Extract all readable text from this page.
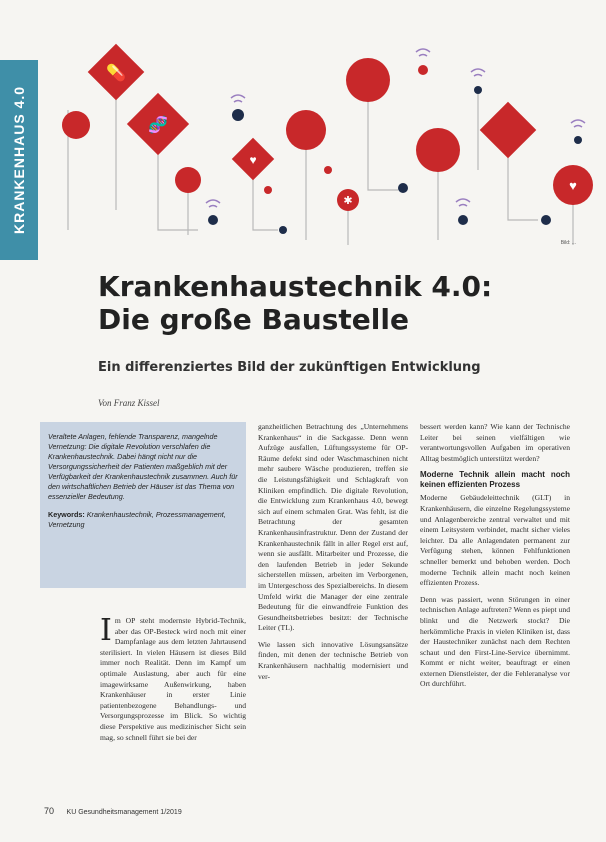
KRANKENHAUS 4.0
💊
🧬
♥
✱
♥
Bild: ...
Krankenhaustechnik 4.0:
Die große Baustelle
Ein differenziertes Bild der zukünftigen Entwicklung
Von Franz Kissel

Veraltete Anlagen, fehlende Transparenz, mangelnde Vernetzung: Die digitale Revolution verschlafen die Krankenhaustechnik. Dabei hängt nicht nur die Versorgungssicherheit der Patienten maßgeblich mit der Verfügbarkeit der Krankenhaustechnik zusammen. Auch für den wirtschaftlichen Betrieb der Häuser ist das Thema von essenzieller Bedeutung.

Keywords: Krankenhaustechnik, Prozessmanagement, Vernetzung

I m OP steht modernste Hybrid-Technik, aber das OP-Besteck wird noch mit einer Dampfanlage aus dem letzten Jahrtausend sterilisiert. In vielen Häusern ist dieses Bild immer noch Realität. Denn im Kampf um optimale Auslastung, aber auch für eine imagewirksame Außenwirkung, haben Krankenhäuser in erster Linie patientenbezogene Behandlungs- und Versorgungsprozesse im Blick. So wichtig diese Perspektive aus medizinischer Sicht sein mag, so schnell führt sie bei der

ganzheitlichen Betrachtung des „Unternehmens Krankenhaus“ in die Sackgasse. Denn wenn Aufzüge ausfallen, Lüftungssysteme für OP-Räume defekt sind oder Waschmaschinen nicht mehr saubere Wäsche produzieren, treffen sie die Leistungsfähigkeit und Schlagkraft von Kliniken empfindlich. Die digitale Revolution, die Entwicklung zum Krankenhaus 4.0, bewegt sich auf einem schmalen Grat. Was fehlt, ist die Betrachtung der gesamten Krankenhausinfrastruktur. Denn der Zustand der Krankenhaustechnik fällt in aller Regel erst auf, wenn sie ausfällt. Mitarbeiter und Prozesse, die den laufenden Betrieb in jeder Sekunde sicherstellen müssen, arbeiten im Verborgenen, im Untergeschoss des Spezialbereichs. In diesem Umfeld wirkt die Manager der eine zentrale Bedeutung für die einwandfreie Funktion des Gesundheitsbetriebes besitzt: der Technische Leiter (TL).

Wie lassen sich innovative Lösungsansätze finden, mit denen der technische Betrieb von Krankenhäusern nachhaltig modernisiert und ver-

bessert werden kann? Wie kann der Technische Leiter bei seinen vielfältigen wie verantwortungsvollen Aufgaben im operativen Alltag bestmöglich unterstützt werden?

Moderne Technik allein macht noch keinen effizienten Prozess

Moderne Gebäudeleittechnik (GLT) in Krankenhäusern, die einzelne Regelungssysteme und Anlagenbereiche zentral verwaltet und mit einem Leitsystem verbindet, macht sicher vieles leichter. Da alle Anlagendaten permanent zur Verfügung stehen, können Fehlfunktionen schneller bemerkt und behoben werden. Doch moderne Technik allein macht noch keinen effizienten Prozess.

Denn was passiert, wenn Störungen in einer technischen Anlage auftreten? Wenn es piept und blinkt und die Netzwerk stockt? Die herkömmliche Praxis in vielen Kliniken ist, dass der Haustechniker zunächst nach dem Rechten schaut und den First-Line-Service übernimmt. Kommt er nicht weiter, beauftragt er einen externen Dienstleister, der die Fehleranalyse vor Ort durchführt.

70 KU Gesundheitsmanagement 1/2019
